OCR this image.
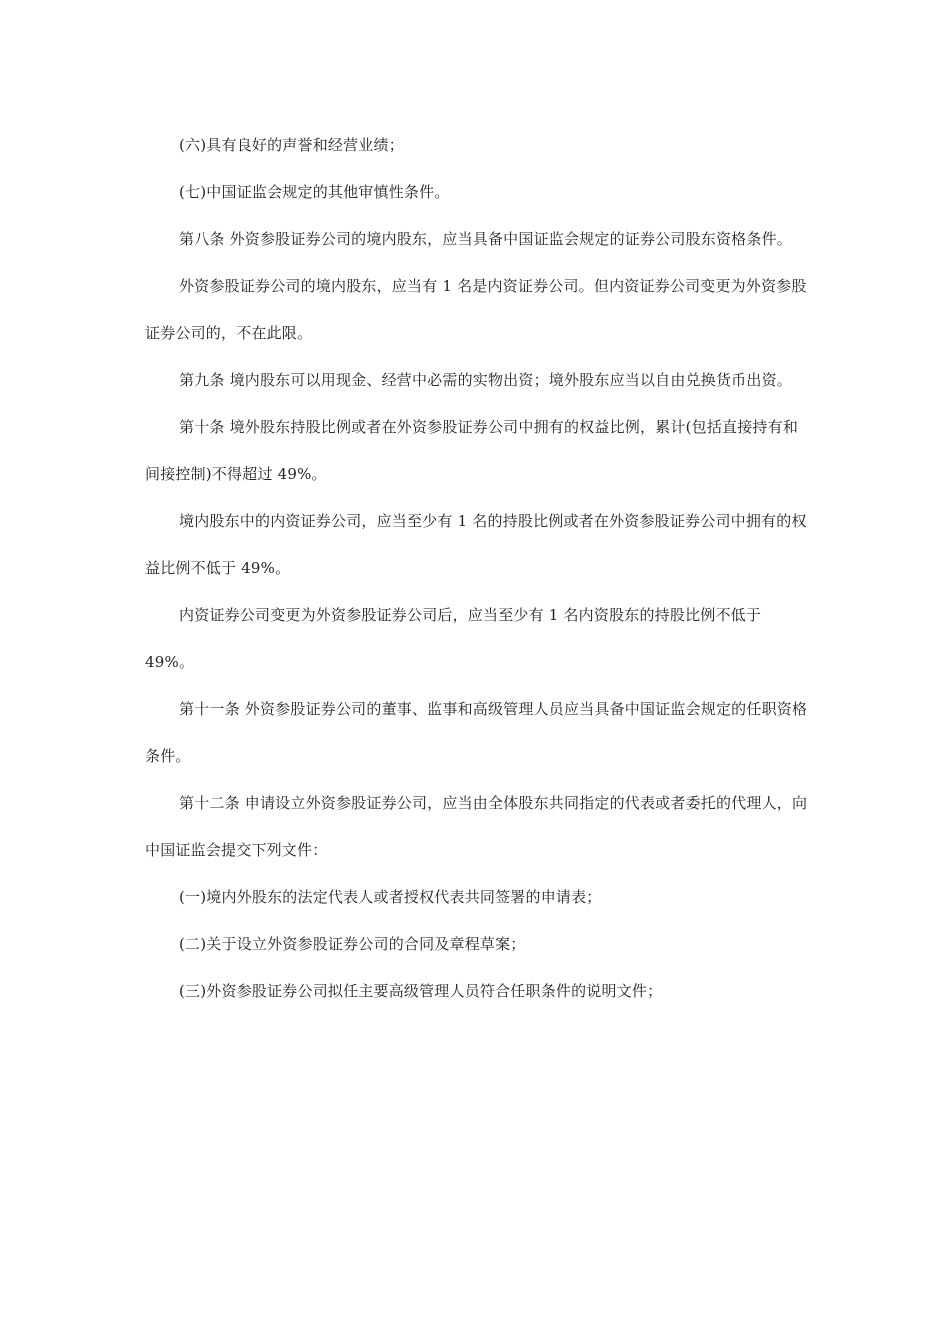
(六)具有良好的声誉和经营业绩；

(七)中国证监会规定的其他审慎性条件。

第八条 外资参股证券公司的境内股东，应当具备中国证监会规定的证券公司股东资格条件。

外资参股证券公司的境内股东，应当有 1 名是内资证券公司。但内资证券公司变更为外资参股证券公司的，不在此限。

第九条 境内股东可以用现金、经营中必需的实物出资；境外股东应当以自由兑换货币出资。

第十条 境外股东持股比例或者在外资参股证券公司中拥有的权益比例，累计(包括直接持有和间接控制)不得超过 49%。

境内股东中的内资证券公司，应当至少有 1 名的持股比例或者在外资参股证券公司中拥有的权益比例不低于 49%。

内资证券公司变更为外资参股证券公司后，应当至少有 1 名内资股东的持股比例不低于 49%。

第十一条 外资参股证券公司的董事、监事和高级管理人员应当具备中国证监会规定的任职资格条件。

第十二条 申请设立外资参股证券公司，应当由全体股东共同指定的代表或者委托的代理人，向中国证监会提交下列文件：

(一)境内外股东的法定代表人或者授权代表共同签署的申请表；

(二)关于设立外资参股证券公司的合同及章程草案；

(三)外资参股证券公司拟任主要高级管理人员符合任职条件的说明文件；
